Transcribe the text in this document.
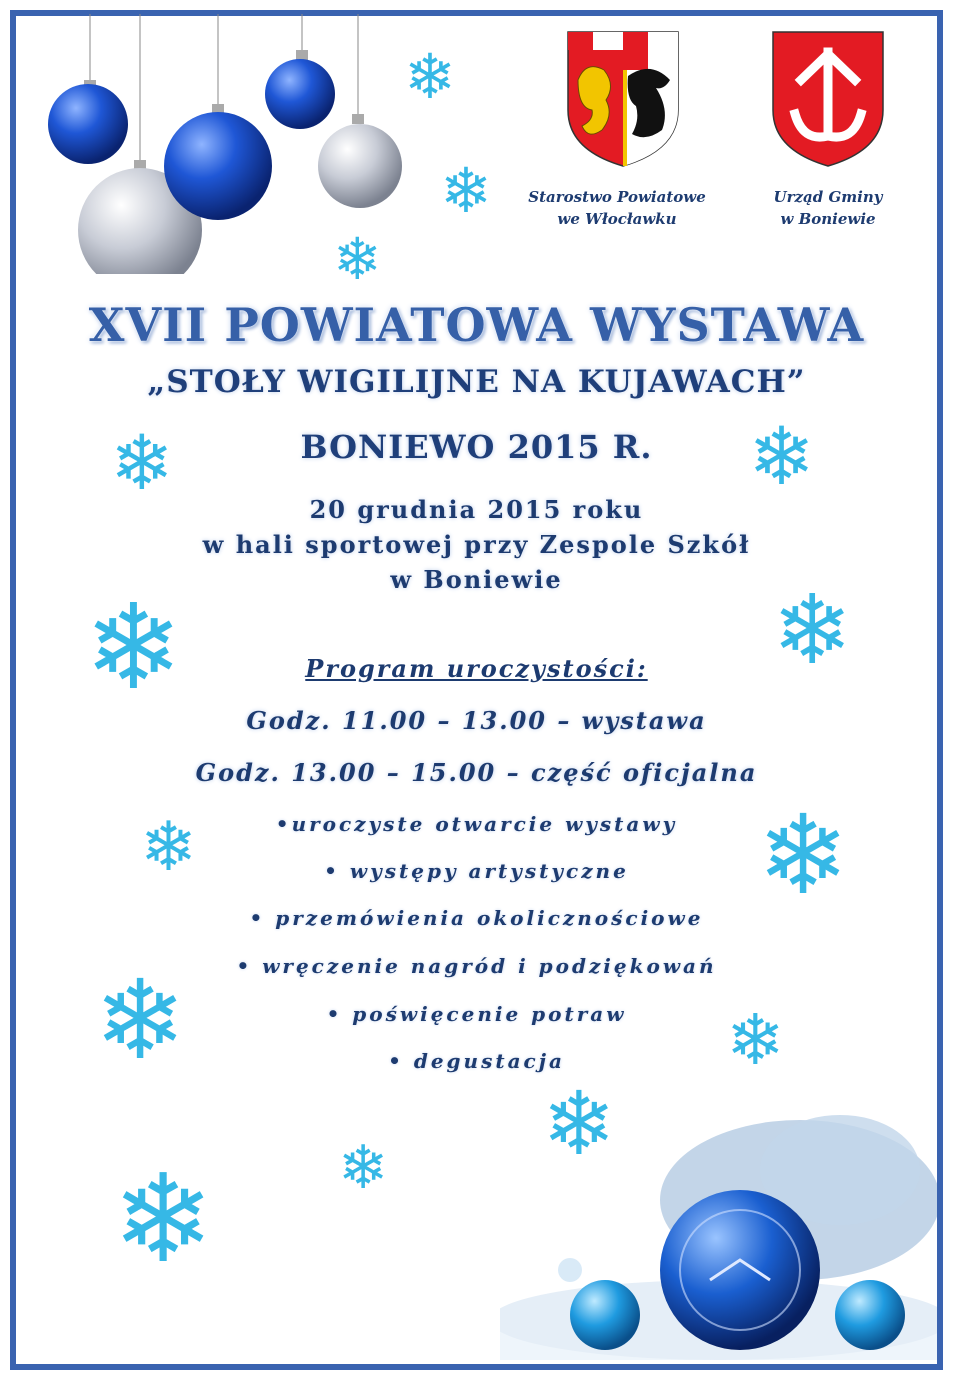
Starostwo Powiatowe
we Włocławku
Urząd Gminy
w Boniewie
❄
❄
❄
❄	❄
❄	❄
❄	❄
❄	❄
❄
❄
❄
XVII POWIATOWA WYSTAWA
„STOŁY WIGILIJNE NA KUJAWACH”
BONIEWO 2015 R.
20 grudnia 2015 roku
w hali sportowej przy Zespole Szkół
w Boniewie
Program uroczystości:
Godz. 11.00 – 13.00 – wystawa
Godz. 13.00 – 15.00 – część oficjalna
•uroczyste otwarcie wystawy
• występy artystyczne
• przemówienia okolicznościowe
• wręczenie nagród i podziękowań
• poświęcenie potraw
• degustacja
